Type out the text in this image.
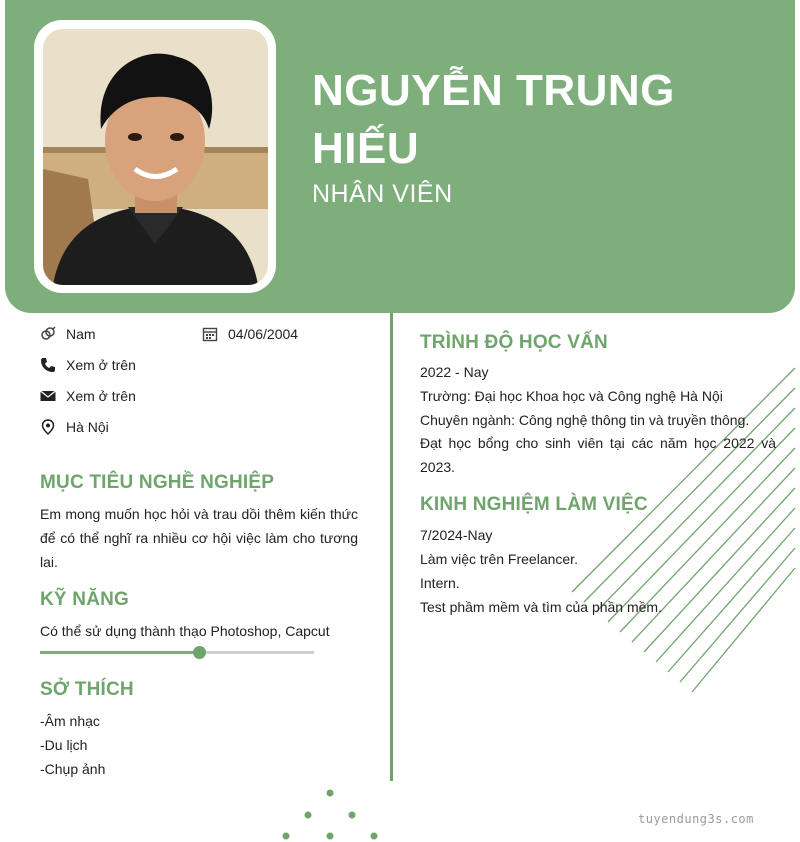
NGUYỄN TRUNG HIẾU
NHÂN VIÊN
Nam	04/06/2004
Xem ở trên
Xem ở trên
Hà Nội
MỤC TIÊU NGHỀ NGHIỆP
Em mong muốn học hỏi và trau dồi thêm kiến thức để có thể nghĩ ra nhiều cơ hội việc làm cho tương lai.
KỸ NĂNG
Có thể sử dụng thành thạo Photoshop, Capcut
SỞ THÍCH
-Âm nhạc
-Du lịch
-Chụp ảnh
TRÌNH ĐỘ HỌC VẤN
2022 - Nay
Trường: Đại học Khoa học và Công nghệ Hà Nội
Chuyên ngành: Công nghệ thông tin và truyền thông.
Đạt học bổng cho sinh viên tại các năm học 2022 và 2023.
KINH NGHIỆM LÀM VIỆC
7/2024-Nay
Làm việc trên Freelancer.
Intern.
Test phầm mềm và tìm của phần mềm.
tuyendung3s.com
